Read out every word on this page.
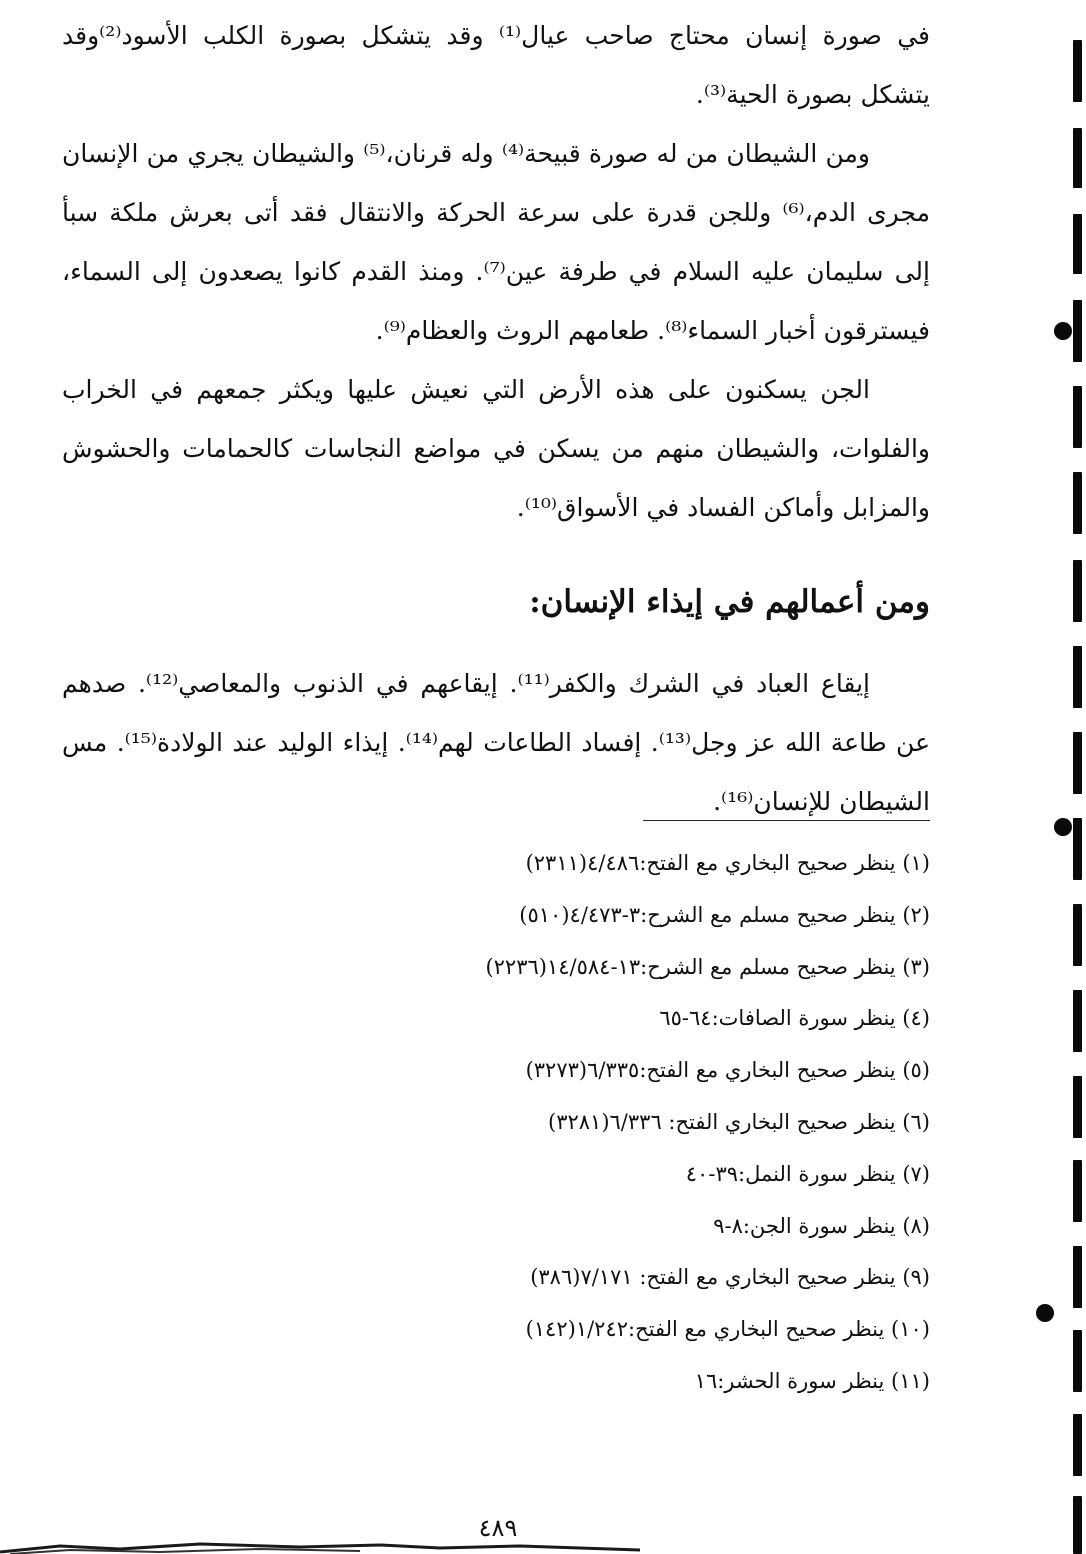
في صورة إنسان محتاج صاحب عيال⁽¹⁾ وقد يتشكل بصورة الكلب الأسود⁽²⁾وقد يتشكل بصورة الحية⁽³⁾.

ومن الشيطان من له صورة قبيحة⁽⁴⁾ وله قرنان،⁽⁵⁾ والشيطان يجري من الإنسان مجرى الدم،⁽⁶⁾ وللجن قدرة على سرعة الحركة والانتقال فقد أتى بعرش ملكة سبأ إلى سليمان عليه السلام في طرفة عين⁽⁷⁾. ومنذ القدم كانوا يصعدون إلى السماء، فيسترقون أخبار السماء⁽⁸⁾. طعامهم الروث والعظام⁽⁹⁾.

الجن يسكنون على هذه الأرض التي نعيش عليها ويكثر جمعهم في الخراب والفلوات، والشيطان منهم من يسكن في مواضع النجاسات كالحمامات والحشوش والمزابل وأماكن الفساد في الأسواق⁽¹⁰⁾.

ومن أعمالهم في إيذاء الإنسان:

إيقاع العباد في الشرك والكفر⁽¹¹⁾. إيقاعهم في الذنوب والمعاصي⁽¹²⁾. صدهم عن طاعة الله عز وجل⁽¹³⁾. إفساد الطاعات لهم⁽¹⁴⁾. إيذاء الوليد عند الولادة⁽¹⁵⁾. مس الشيطان للإنسان⁽¹⁶⁾.

(١) ينظر صحيح البخاري مع الفتح:٤/٤٨٦(٢٣١١)
(٢) ينظر صحيح مسلم مع الشرح:٣-٤/٤٧٣(٥١٠)
(٣) ينظر صحيح مسلم مع الشرح:١٣-١٤/٥٨٤(٢٢٣٦)
(٤) ينظر سورة الصافات:٦٤-٦٥
(٥) ينظر صحيح البخاري مع الفتح:٦/٣٣٥(٣٢٧٣)
(٦) ينظر صحيح البخاري الفتح: ٦/٣٣٦(٣٢٨١)
(٧) ينظر سورة النمل:٣٩-٤٠
(٨) ينظر سورة الجن:٨-٩
(٩) ينظر صحيح البخاري مع الفتح: ٧/١٧١(٣٨٦)
(١٠) ينظر صحيح البخاري مع الفتح:١/٢٤٢(١٤٢)
(١١) ينظر سورة الحشر:١٦
٤٨٩
